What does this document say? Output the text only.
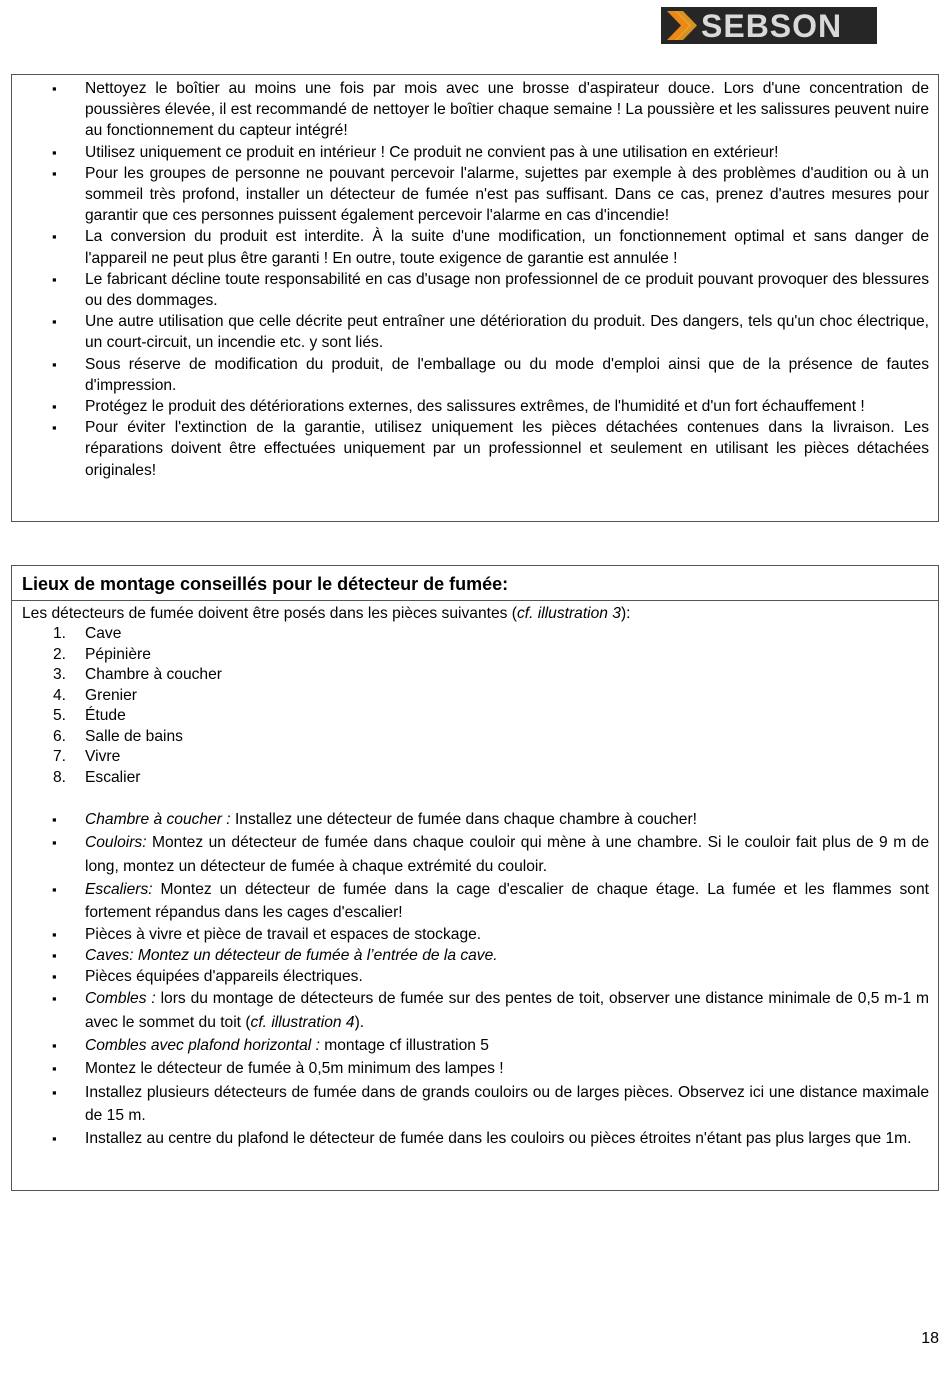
SEBSON
▪ Nettoyez le boîtier au moins une fois par mois avec une brosse d'aspirateur douce. Lors d'une concentration de poussières élevée, il est recommandé de nettoyer le boîtier chaque semaine ! La poussière et les salissures peuvent nuire au fonctionnement du capteur intégré!
▪ Utilisez uniquement ce produit en intérieur ! Ce produit ne convient pas à une utilisation en extérieur!
▪ Pour les groupes de personne ne pouvant percevoir l'alarme, sujettes par exemple à des problèmes d'audition ou à un sommeil très profond, installer un détecteur de fumée n'est pas suffisant. Dans ce cas, prenez d'autres mesures pour garantir que ces personnes puissent également percevoir l'alarme en cas d'incendie!
▪ La conversion du produit est interdite. À la suite d'une modification, un fonctionnement optimal et sans danger de l'appareil ne peut plus être garanti ! En outre, toute exigence de garantie est annulée !
▪ Le fabricant décline toute responsabilité en cas d'usage non professionnel de ce produit pouvant provoquer des blessures ou des dommages.
▪ Une autre utilisation que celle décrite peut entraîner une détérioration du produit. Des dangers, tels qu'un choc électrique, un court-circuit, un incendie etc. y sont liés.
▪ Sous réserve de modification du produit, de l'emballage ou du mode d'emploi ainsi que de la présence de fautes d'impression.
▪ Protégez le produit des détériorations externes, des salissures extrêmes, de l'humidité et d'un fort échauffement !
▪ Pour éviter l'extinction de la garantie, utilisez uniquement les pièces détachées contenues dans la livraison. Les réparations doivent être effectuées uniquement par un professionnel et seulement en utilisant les pièces détachées originales!
Lieux de montage conseillés pour le détecteur de fumée:
Les détecteurs de fumée doivent être posés dans les pièces suivantes (cf. illustration 3):
1. Cave
2. Pépinière
3. Chambre à coucher
4. Grenier
5. Étude
6. Salle de bains
7. Vivre
8. Escalier
▪ Chambre à coucher : Installez une détecteur de fumée dans chaque chambre à coucher!
▪ Couloirs: Montez un détecteur de fumée dans chaque couloir qui mène à une chambre. Si le couloir fait plus de 9 m de long, montez un détecteur de fumée à chaque extrémité du couloir.
▪ Escaliers: Montez un détecteur de fumée dans la cage d'escalier de chaque étage. La fumée et les flammes sont fortement répandus dans les cages d'escalier!
▪ Pièces à vivre et pièce de travail et espaces de stockage.
▪ Caves: Montez un détecteur de fumée à l’entrée de la cave.
▪ Pièces équipées d'appareils électriques.
▪ Combles : lors du montage de détecteurs de fumée sur des pentes de toit, observer une distance minimale de 0,5 m-1 m avec le sommet du toit (cf. illustration 4).
▪ Combles avec plafond horizontal : montage cf illustration 5
▪ Montez le détecteur de fumée à 0,5m minimum des lampes !
▪ Installez plusieurs détecteurs de fumée dans de grands couloirs ou de larges pièces. Observez ici une distance maximale de 15 m.
▪ Installez au centre du plafond le détecteur de fumée dans les couloirs ou pièces étroites n'étant pas plus larges que 1m.
18
